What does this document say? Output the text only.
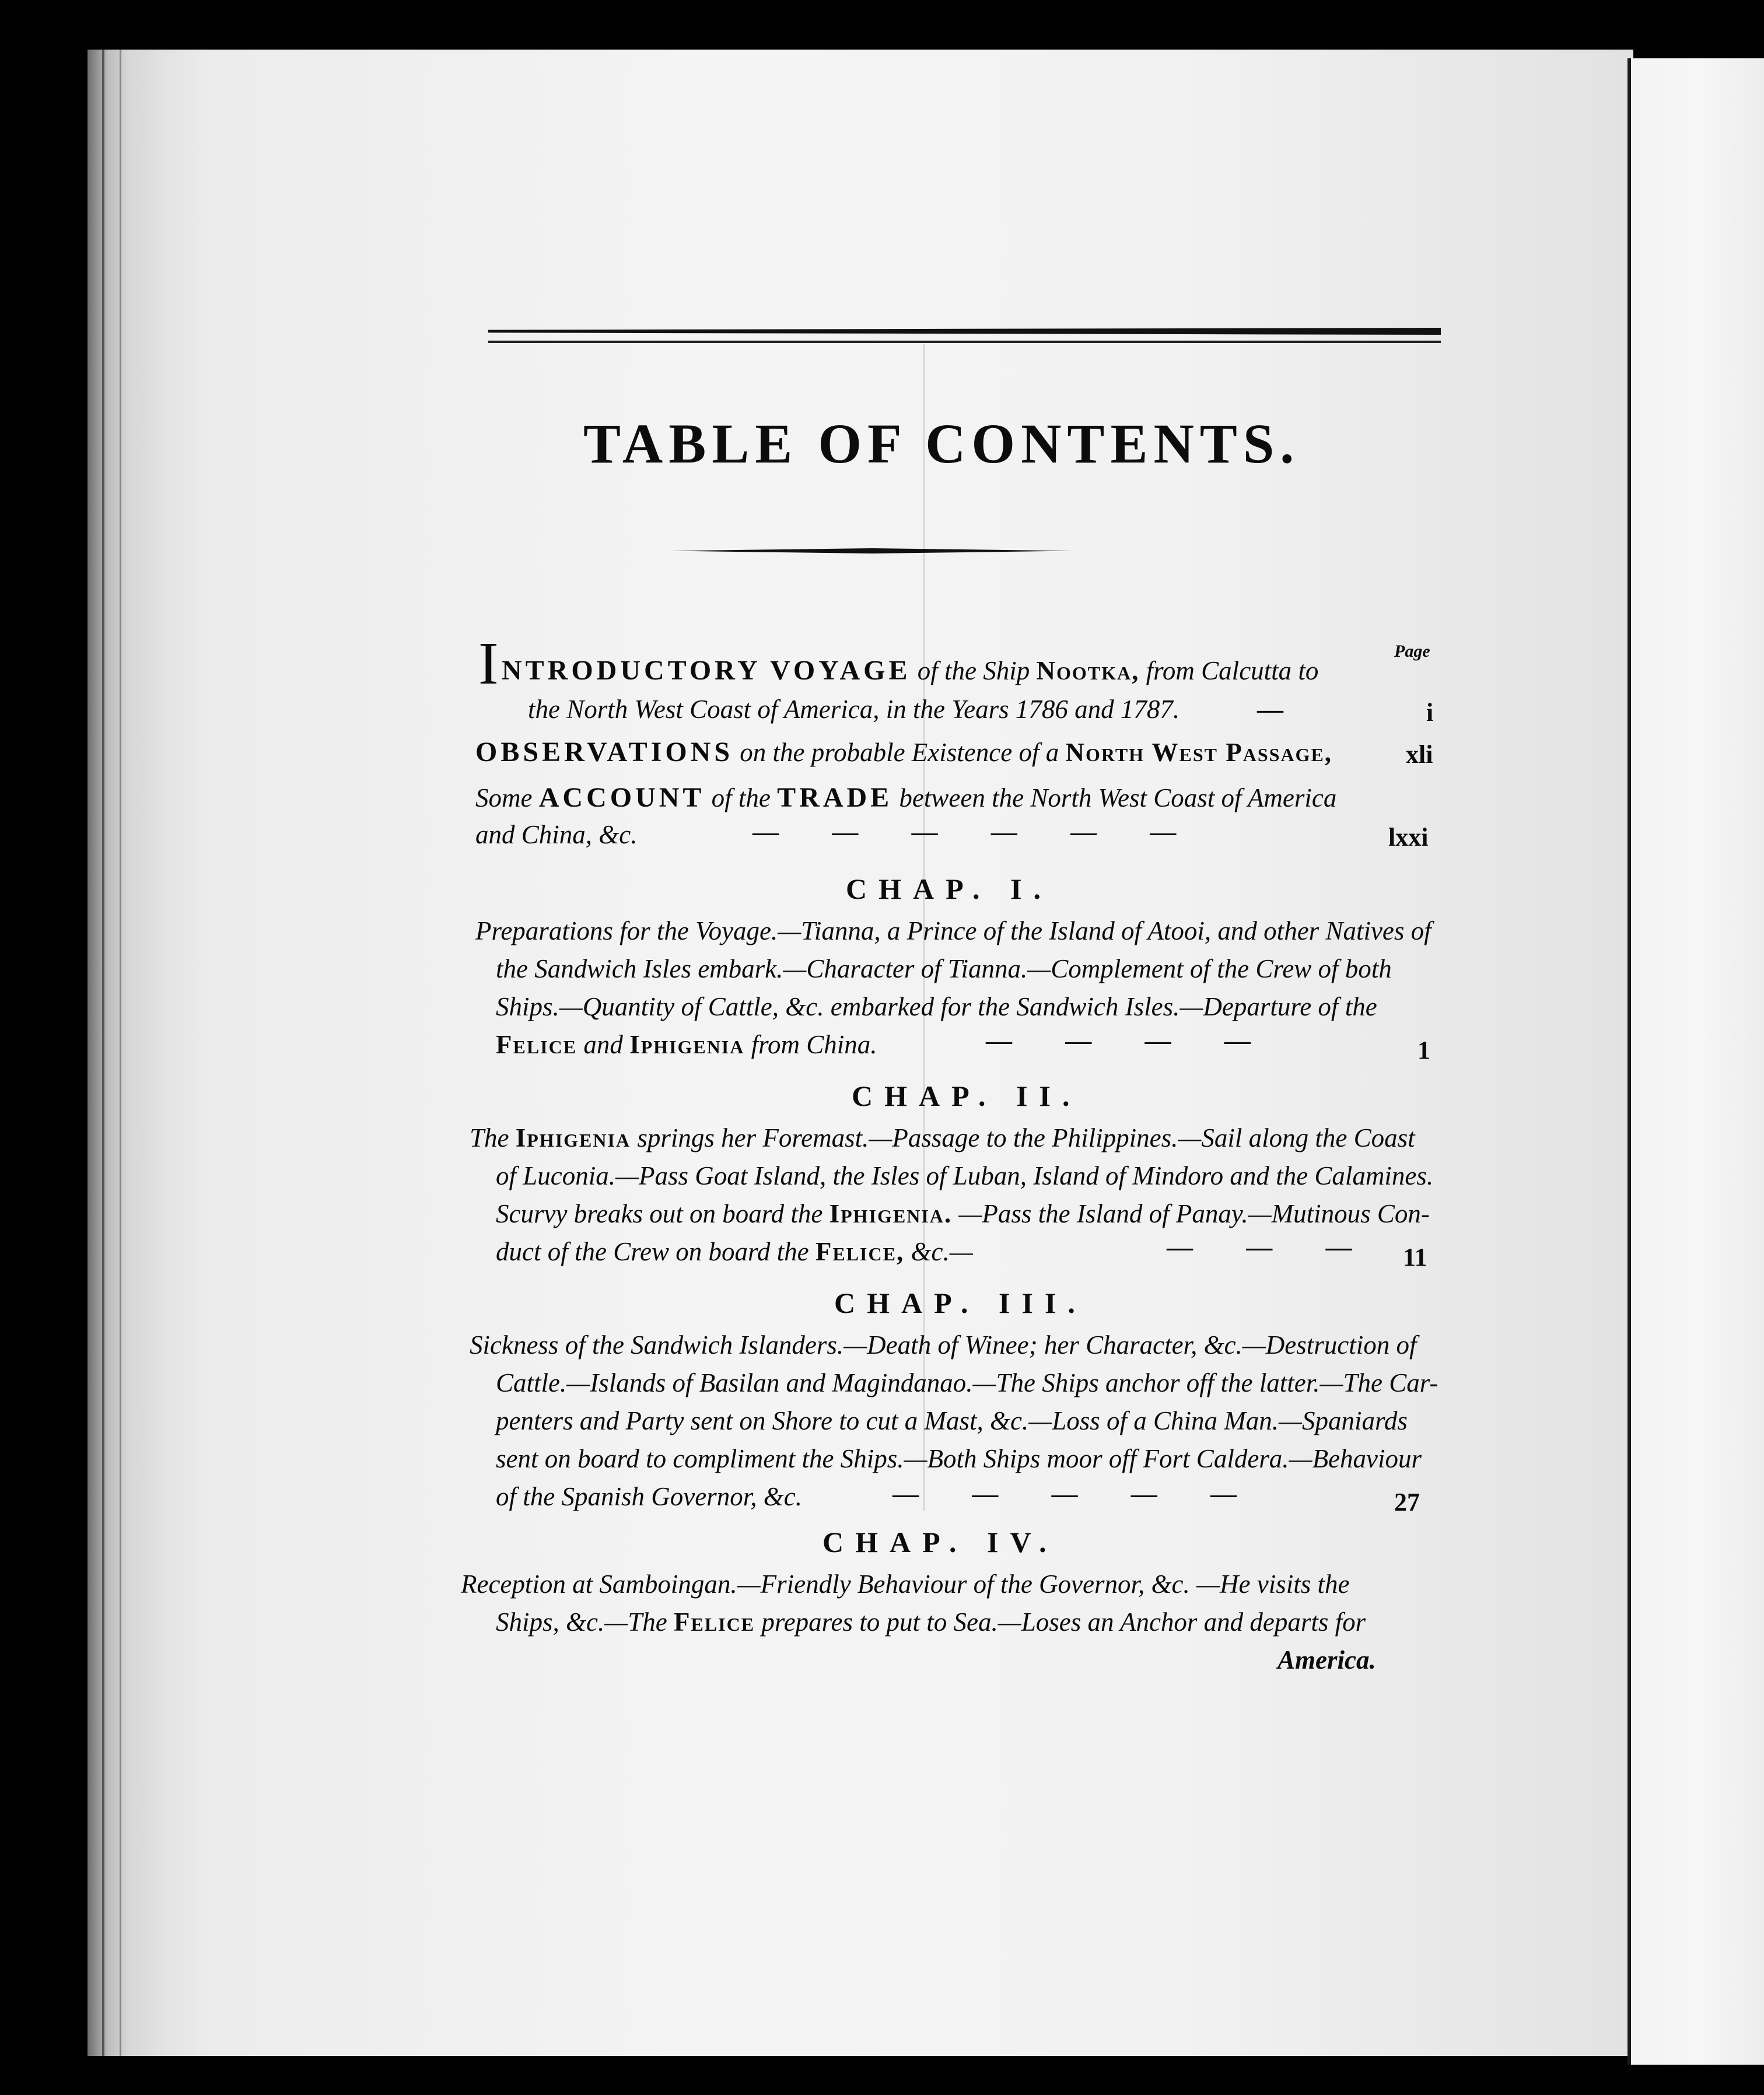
TABLE OF CONTENTS.
Page
I NTRODUCTORY VOYAGE of the Ship Nootka, from Calcutta to
the North West Coast of America, in the Years 1786 and 1787.	—	i
OBSERVATIONS on the probable Existence of a North West Passage,	xli
Some ACCOUNT of the TRADE between the North West Coast of America
and China, &c.	— — — — — —	lxxi
CHAP. I.
Preparations for the Voyage.—Tianna, a Prince of the Island of Atooi, and other Natives of
the Sandwich Isles embark.—Character of Tianna.—Complement of the Crew of both
Ships.—Quantity of Cattle, &c. embarked for the Sandwich Isles.—Departure of the
Felice and Iphigenia from China.	— — — —	1
CHAP. II.
The Iphigenia springs her Foremast.—Passage to the Philippines.—Sail along the Coast
of Luconia.—Pass Goat Island, the Isles of Luban, Island of Mindoro and the Calamines.
Scurvy breaks out on board the Iphigenia. —Pass the Island of Panay.—Mutinous Con-
duct of the Crew on board the Felice, &c.—	— — — 11
CHAP. III.
Sickness of the Sandwich Islanders.—Death of Winee; her Character, &c.—Destruction of
Cattle.—Islands of Basilan and Magindanao.—The Ships anchor off the latter.—The Car-
penters and Party sent on Shore to cut a Mast, &c.—Loss of a China Man.—Spaniards
sent on board to compliment the Ships.—Both Ships moor off Fort Caldera.—Behaviour
of the Spanish Governor, &c.	— — — — —	27
CHAP. IV.
Reception at Samboingan.—Friendly Behaviour of the Governor, &c. —He visits the
Ships, &c.—The Felice prepares to put to Sea.—Loses an Anchor and departs for
America.
